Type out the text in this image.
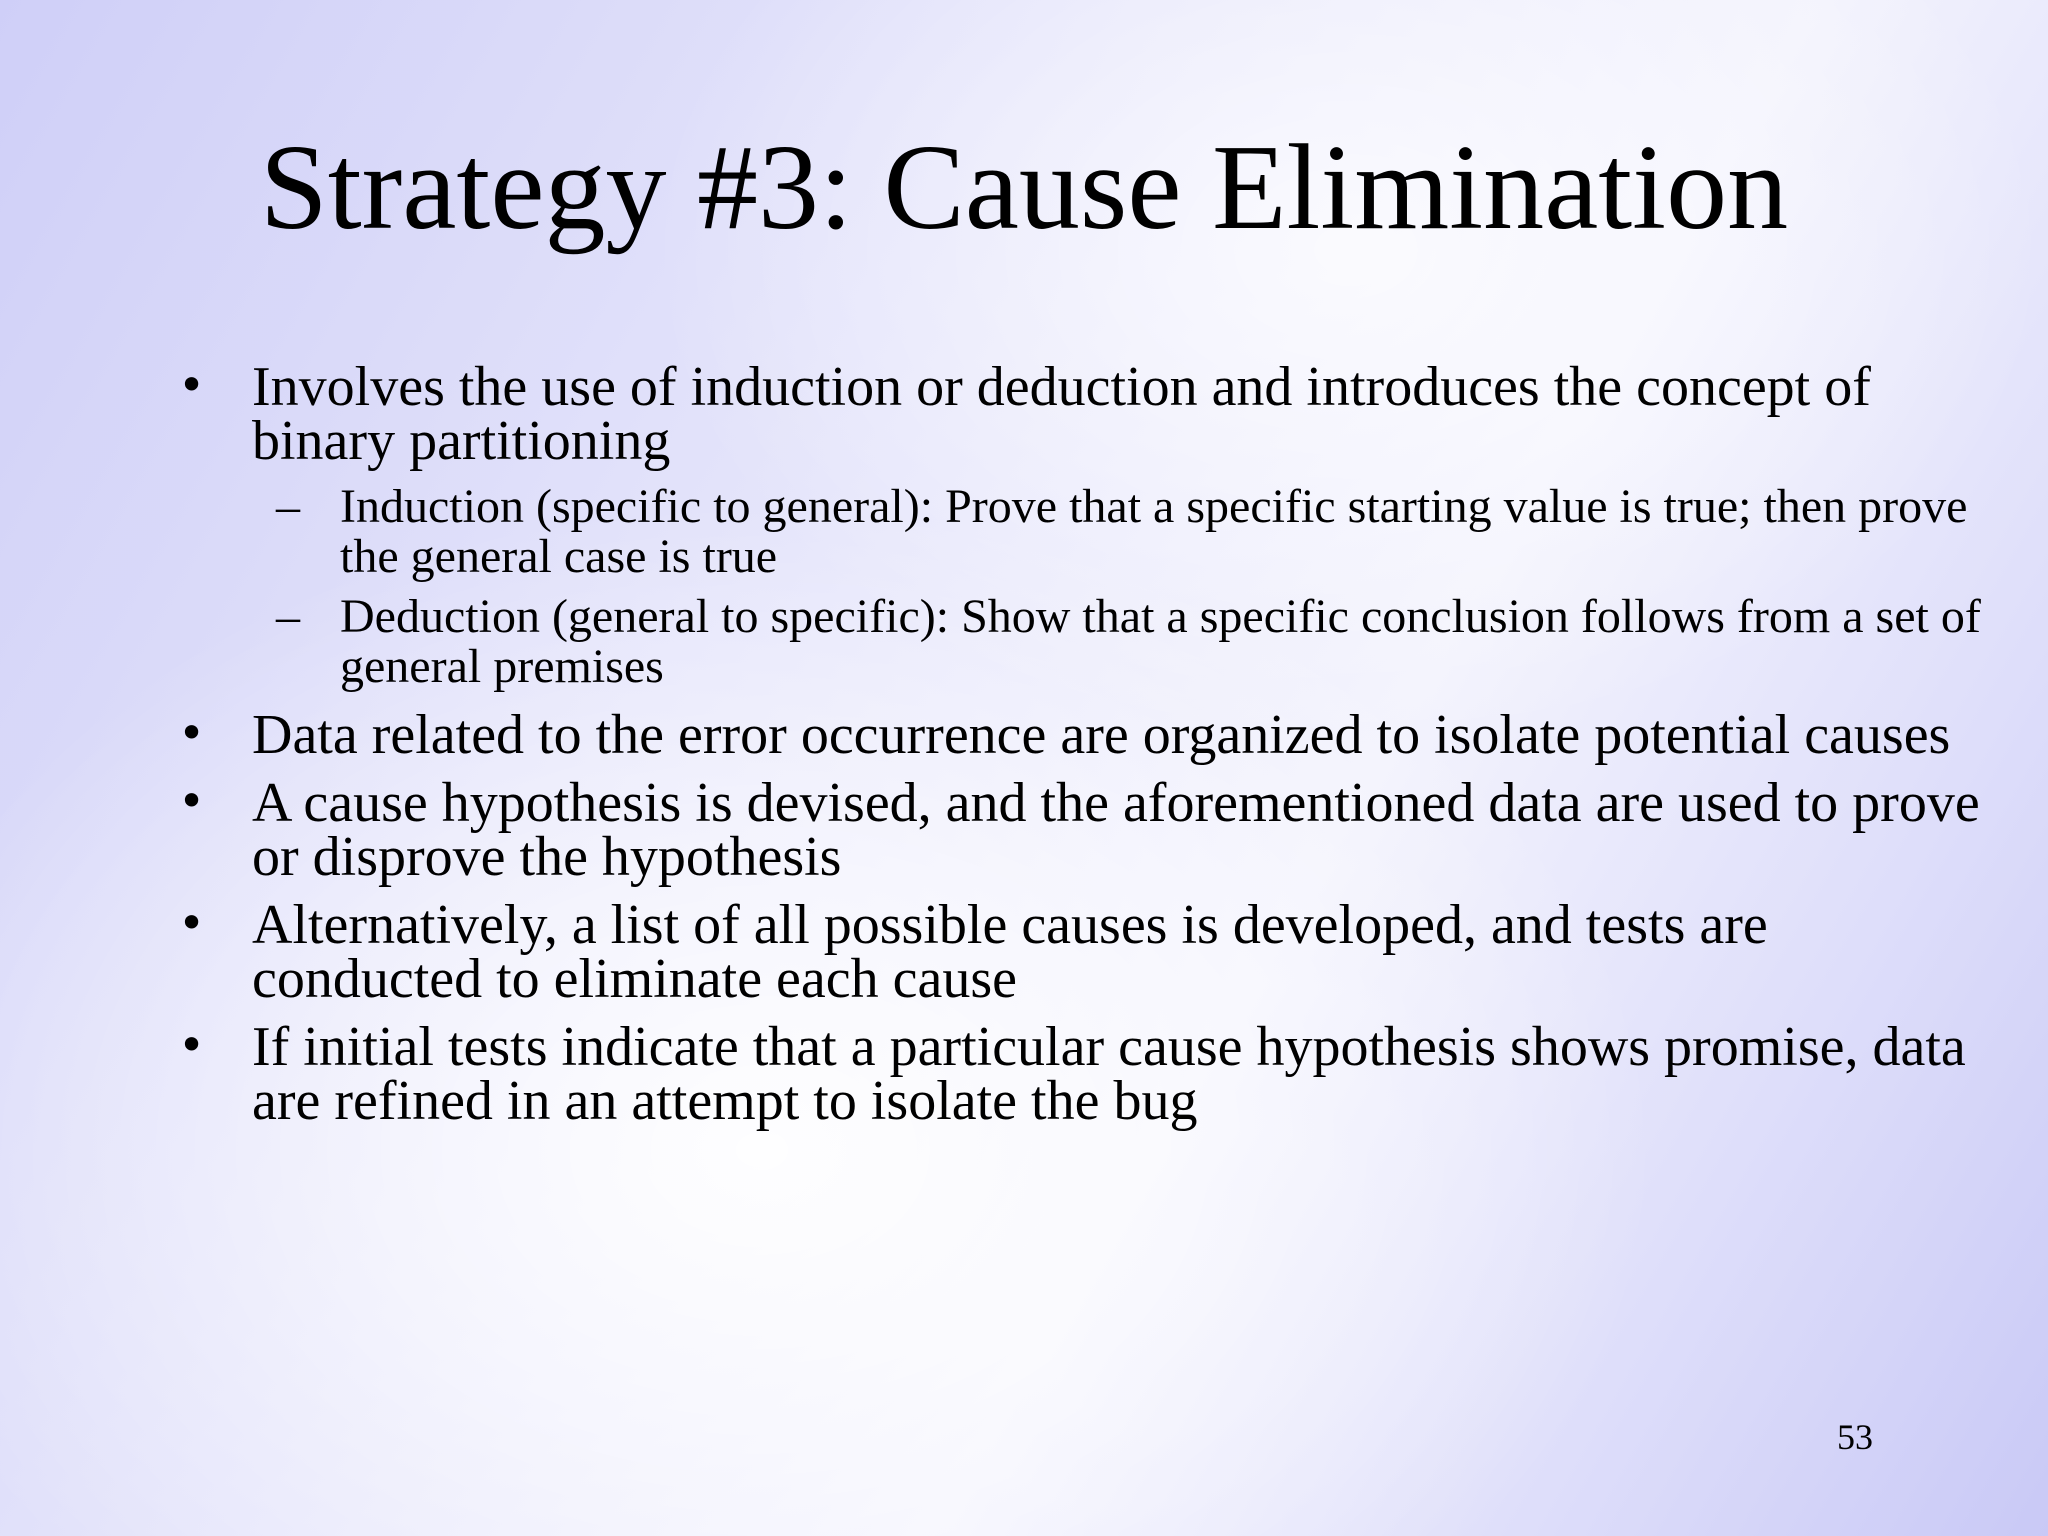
Strategy #3: Cause Elimination
• Involves the use of induction or deduction and introduces the concept of binary partitioning
– Induction (specific to general): Prove that a specific starting value is true; then prove the general case is true
– Deduction (general to specific): Show that a specific conclusion follows from a set of general premises
• Data related to the error occurrence are organized to isolate potential causes
• A cause hypothesis is devised, and the aforementioned data are used to prove or disprove the hypothesis
• Alternatively, a list of all possible causes is developed, and tests are conducted to eliminate each cause
• If initial tests indicate that a particular cause hypothesis shows promise, data are refined in an attempt to isolate the bug
53
